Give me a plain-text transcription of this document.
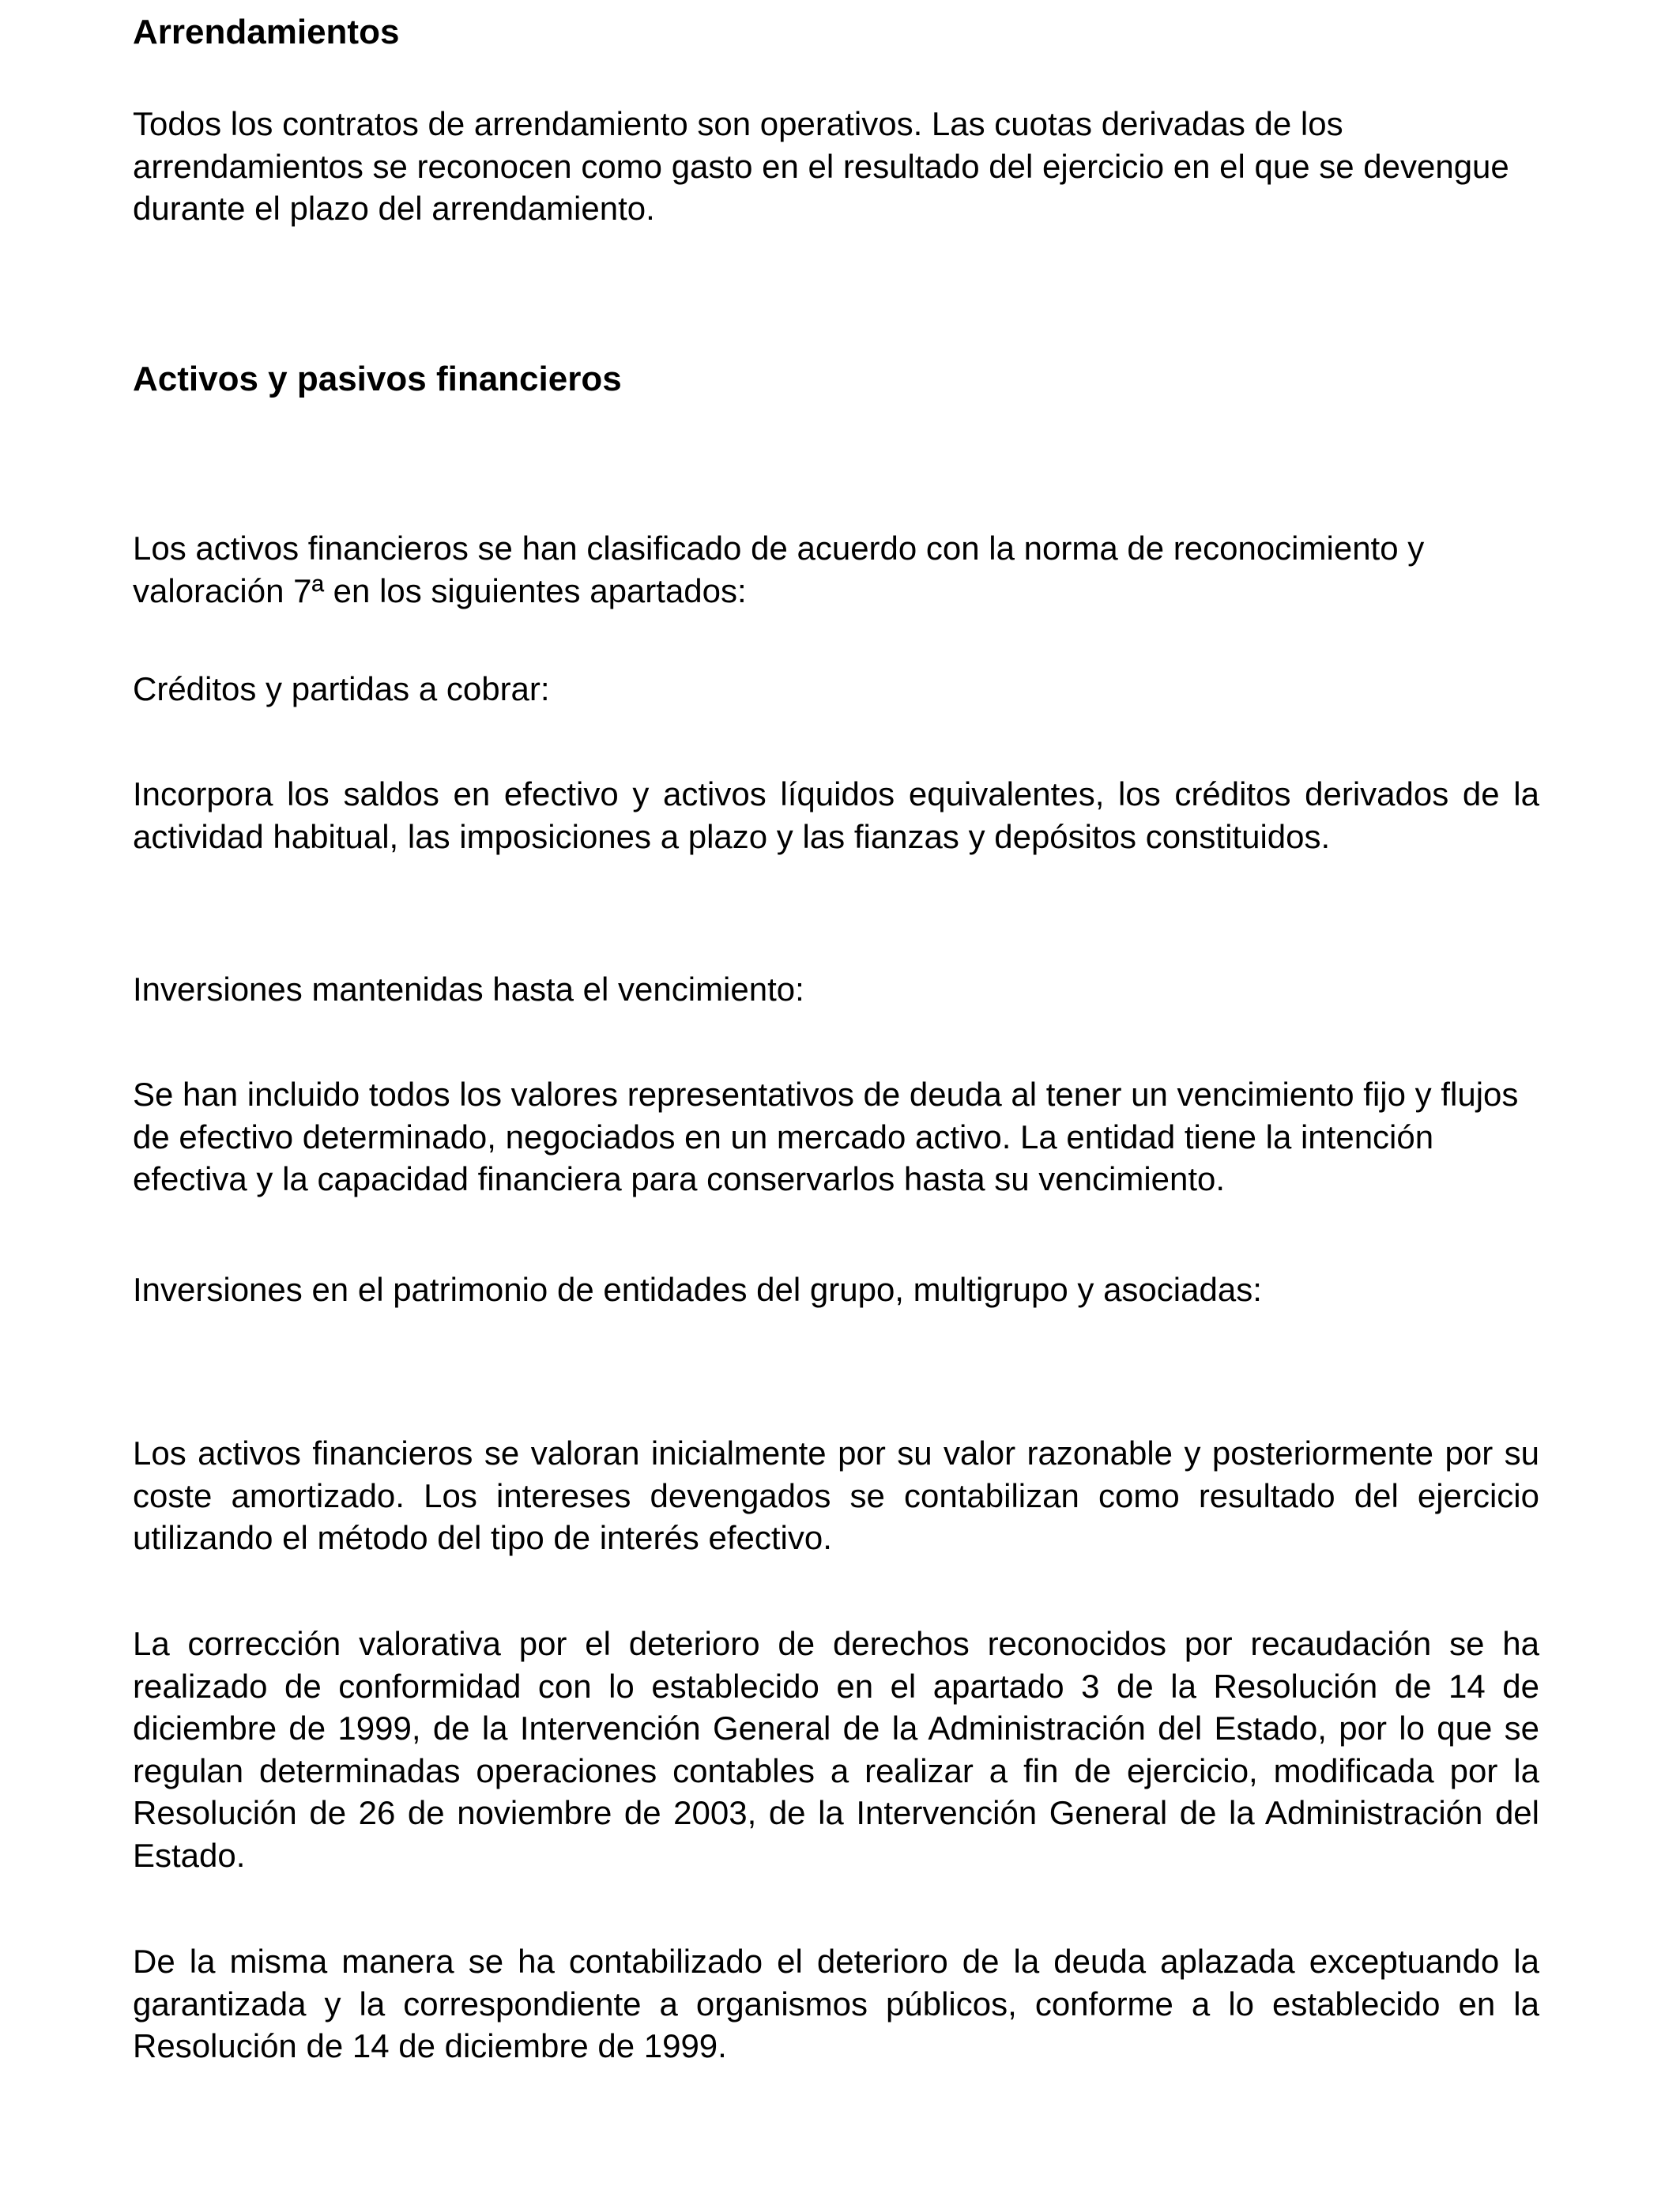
Arrendamientos

Todos los contratos de arrendamiento son operativos. Las cuotas derivadas de los arrendamientos se reconocen como gasto en el resultado del ejercicio en el que se devengue durante el plazo del arrendamiento.

Activos y pasivos financieros

Los activos financieros se han clasificado de acuerdo con la norma de reconocimiento y valoración 7ª en los siguientes apartados:

Créditos y partidas a cobrar:

Incorpora los saldos en efectivo y activos líquidos equivalentes, los créditos derivados de la actividad habitual, las imposiciones a plazo y las fianzas y depósitos constituidos.

Inversiones mantenidas hasta el vencimiento:

Se han incluido todos los valores representativos de deuda al tener un vencimiento fijo y flujos de efectivo determinado, negociados en un mercado activo. La entidad tiene la intención efectiva y la capacidad financiera para conservarlos hasta su vencimiento.

Inversiones en el patrimonio de entidades del grupo, multigrupo y asociadas:

Los activos financieros se valoran inicialmente por su valor razonable y posteriormente por su coste amortizado. Los intereses devengados se contabilizan como resultado del ejercicio utilizando el método del tipo de interés efectivo.

La corrección valorativa por el deterioro de derechos reconocidos por recaudación se ha realizado de conformidad con lo establecido en el apartado 3 de la Resolución de 14 de diciembre de 1999, de la Intervención General de la Administración del Estado, por lo que se regulan determinadas operaciones contables a realizar a fin de ejercicio, modificada por la Resolución de 26 de noviembre de 2003, de la Intervención General de la Administración del Estado.

De la misma manera se ha contabilizado el deterioro de la deuda aplazada exceptuando la garantizada y la correspondiente a organismos públicos, conforme a lo establecido en la Resolución de 14 de diciembre de 1999.
